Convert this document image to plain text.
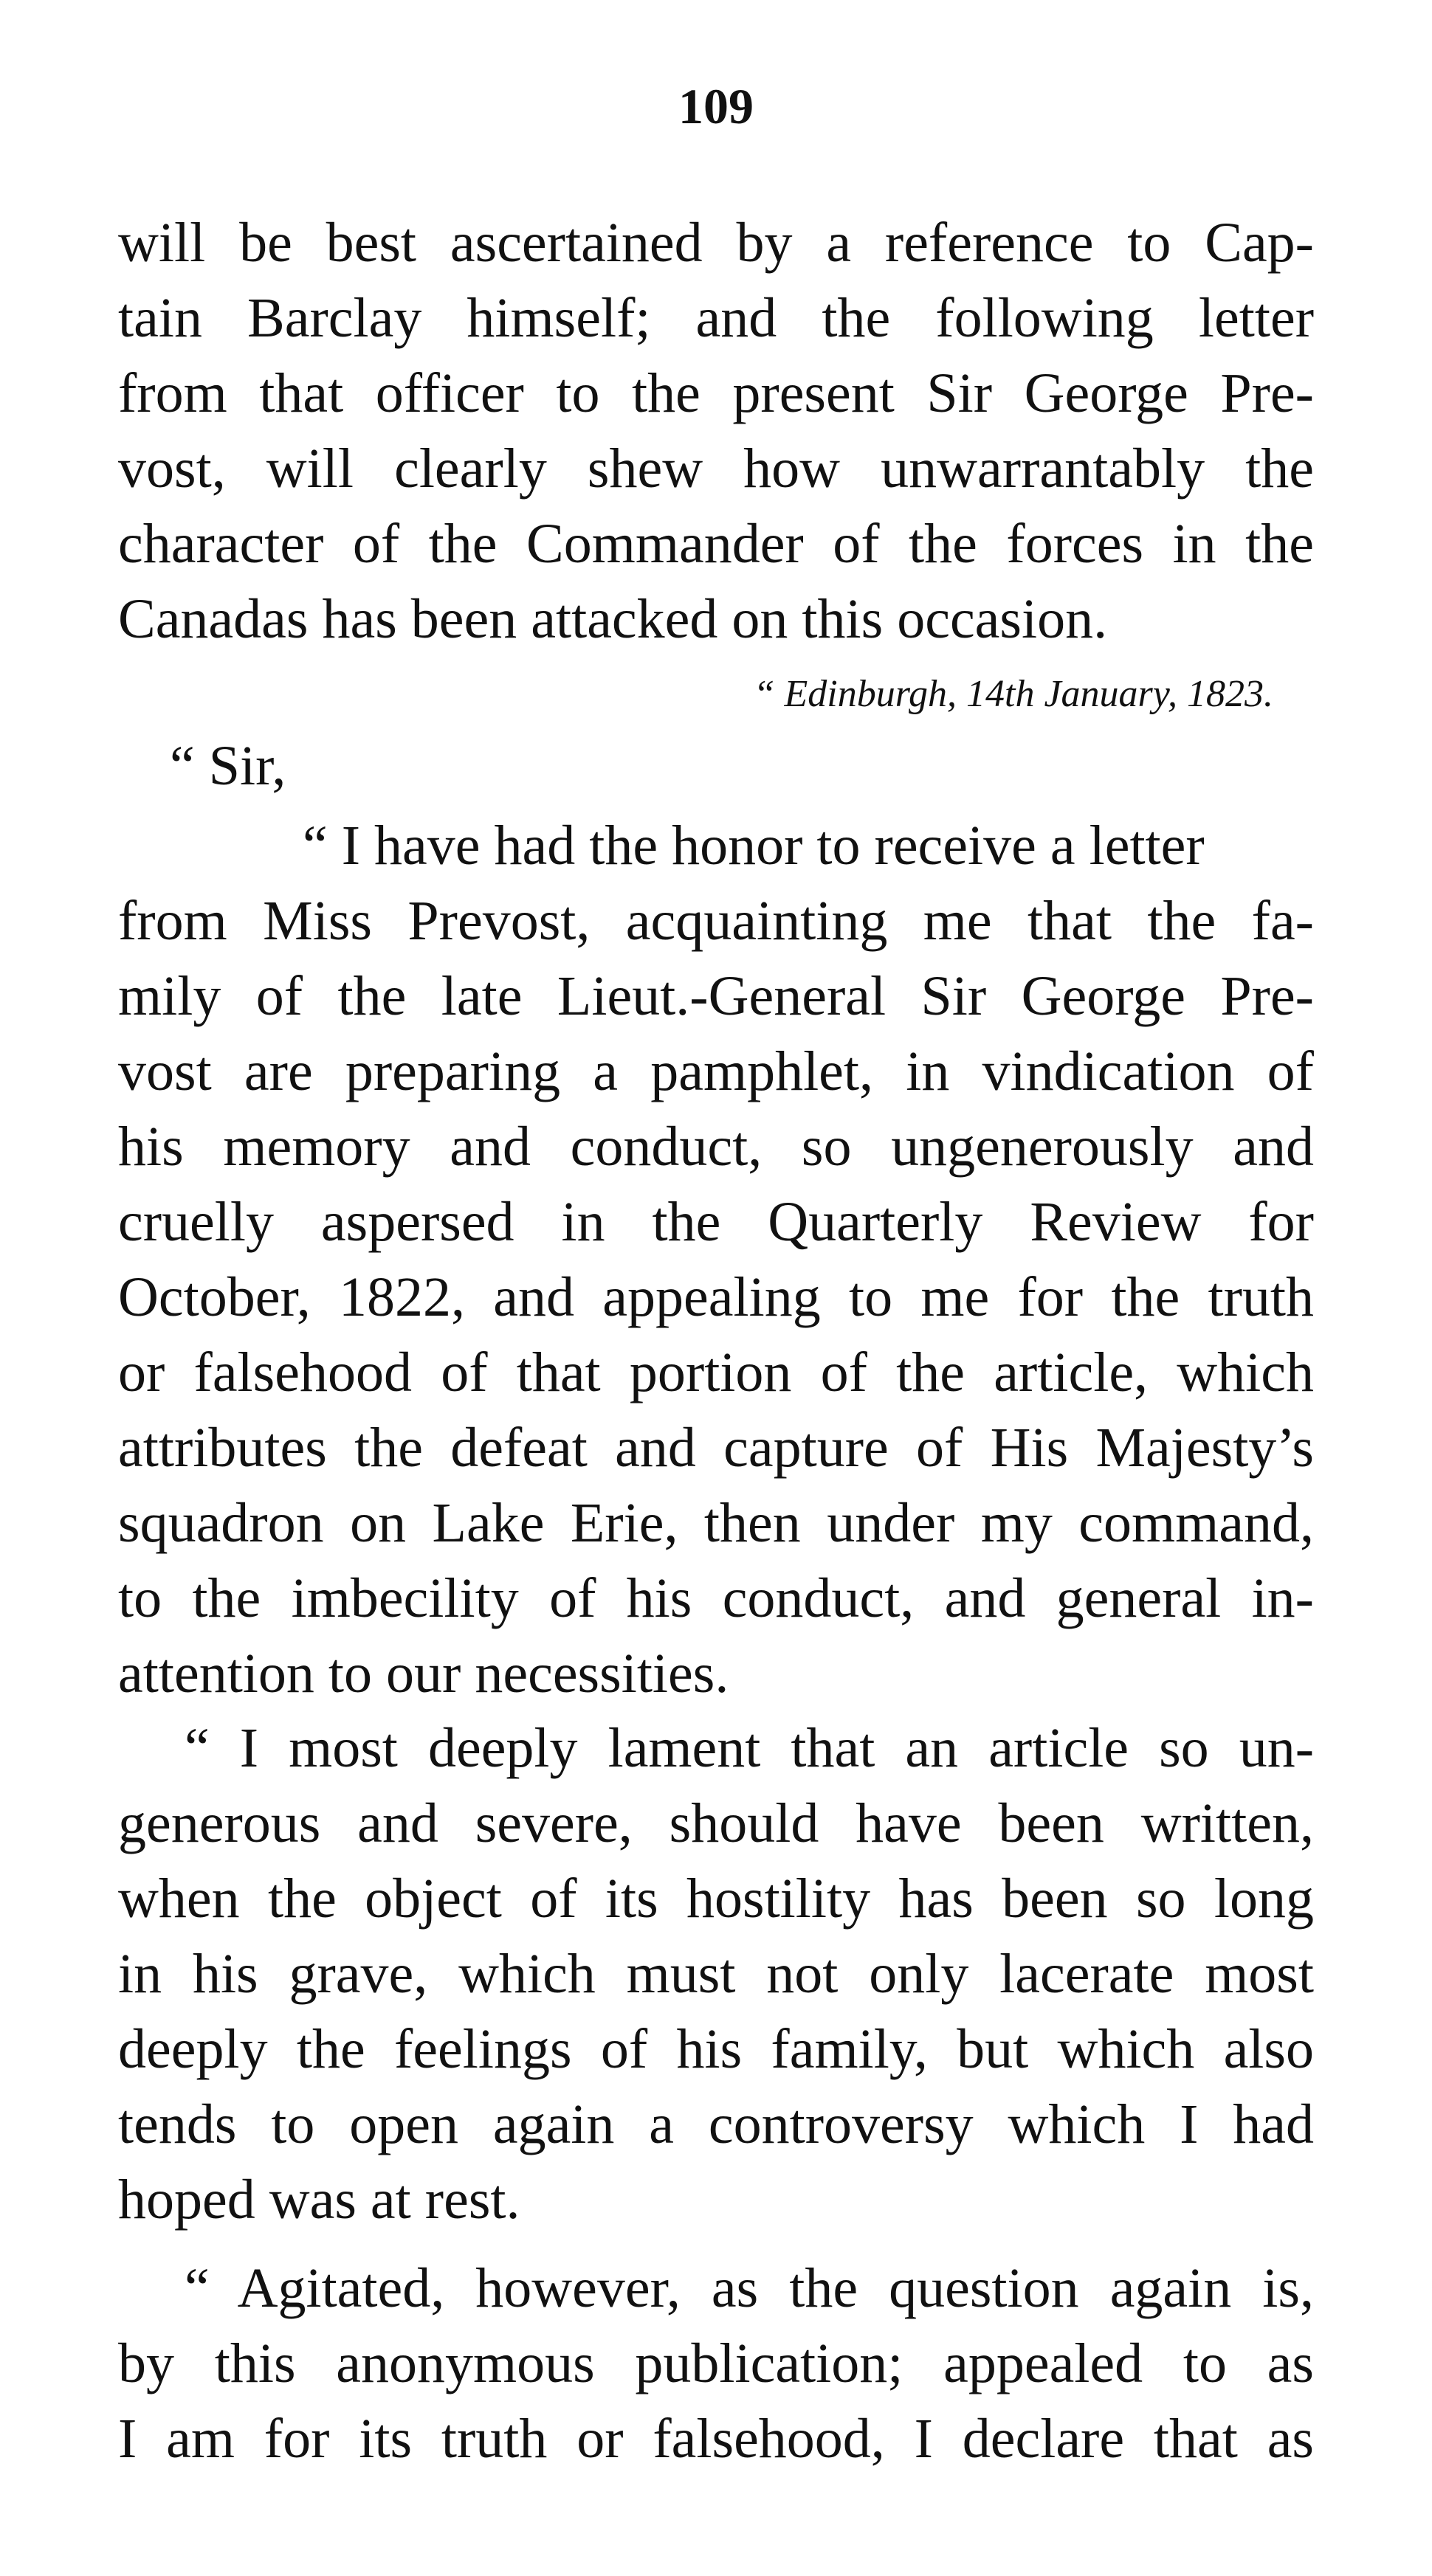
109
will be best ascertained by a reference to Cap-
tain Barclay himself; and the following letter
from that officer to the present Sir George Pre-
vost, will clearly shew how unwarrantably the
character of the Commander of the forces in the
Canadas has been attacked on this occasion.
“ Edinburgh, 14th January, 1823.
“ Sir,
“ I have had the honor to receive a letter
from Miss Prevost, acquainting me that the fa-
mily of the late Lieut.-General Sir George Pre-
vost are preparing a pamphlet, in vindication of
his memory and conduct, so ungenerously and
cruelly aspersed in the Quarterly Review for
October, 1822, and appealing to me for the truth
or falsehood of that portion of the article, which
attributes the defeat and capture of His Majesty’s
squadron on Lake Erie, then under my command,
to the imbecility of his conduct, and general in-
attention to our necessities.
“ I most deeply lament that an article so un-
generous and severe, should have been written,
when the object of its hostility has been so long
in his grave, which must not only lacerate most
deeply the feelings of his family, but which also
tends to open again a controversy which I had
hoped was at rest.
“ Agitated, however, as the question again is,
by this anonymous publication; appealed to as
I am for its truth or falsehood, I declare that as
